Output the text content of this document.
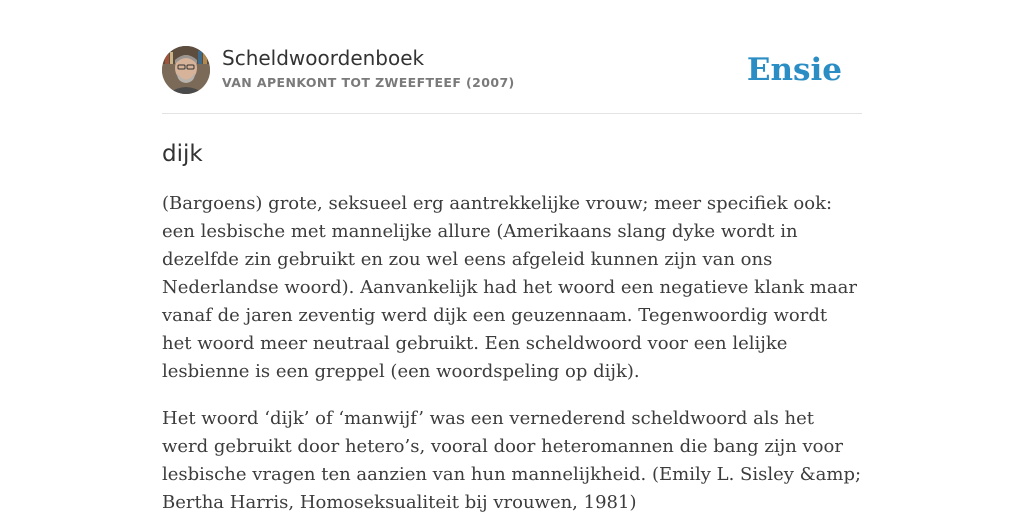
Scheldwoordenboek
VAN APENKONT TOT ZWEEFTEEF (2007)	Ensie
dijk

(Bargoens) grote, seksueel erg aantrekkelijke vrouw; meer specifiek ook: een lesbische met mannelijke allure (Amerikaans slang dyke wordt in dezelfde zin gebruikt en zou wel eens afgeleid kunnen zijn van ons Nederlandse woord). Aanvankelijk had het woord een negatieve klank maar vanaf de jaren zeventig werd dijk een geuzennaam. Tegenwoordig wordt het woord meer neutraal gebruikt. Een scheldwoord voor een lelijke lesbienne is een greppel (een woordspeling op dijk).

Het woord ‘dijk’ of ‘manwijf’ was een vernederend scheldwoord als het werd gebruikt door hetero’s, vooral door heteromannen die bang zijn voor lesbische vragen ten aanzien van hun mannelijkheid. (Emily L. Sisley &amp; Bertha Harris, Homoseksualiteit bij vrouwen, 1981)
